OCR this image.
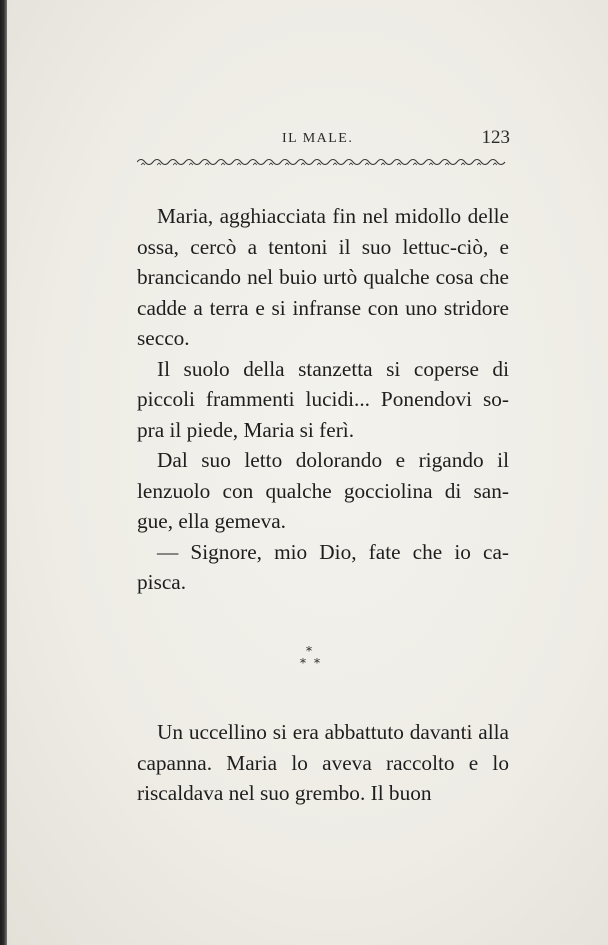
IL MALE.	123

Maria, agghiacciata fin nel midollo delle ossa, cercò a tentoni il suo lettuc-ciò, e brancicando nel buio urtò qualche cosa che cadde a terra e si infranse con uno stridore secco.

Il suolo della stanzetta si coperse di piccoli frammenti lucidi... Ponendovi so-pra il piede, Maria si ferì.

Dal suo letto dolorando e rigando il lenzuolo con qualche gocciolina di san-gue, ella gemeva.

— Signore, mio Dio, fate che io ca-pisca.

*
* *

Un uccellino si era abbattuto davanti alla capanna. Maria lo aveva raccolto e lo riscaldava nel suo grembo. Il buon
